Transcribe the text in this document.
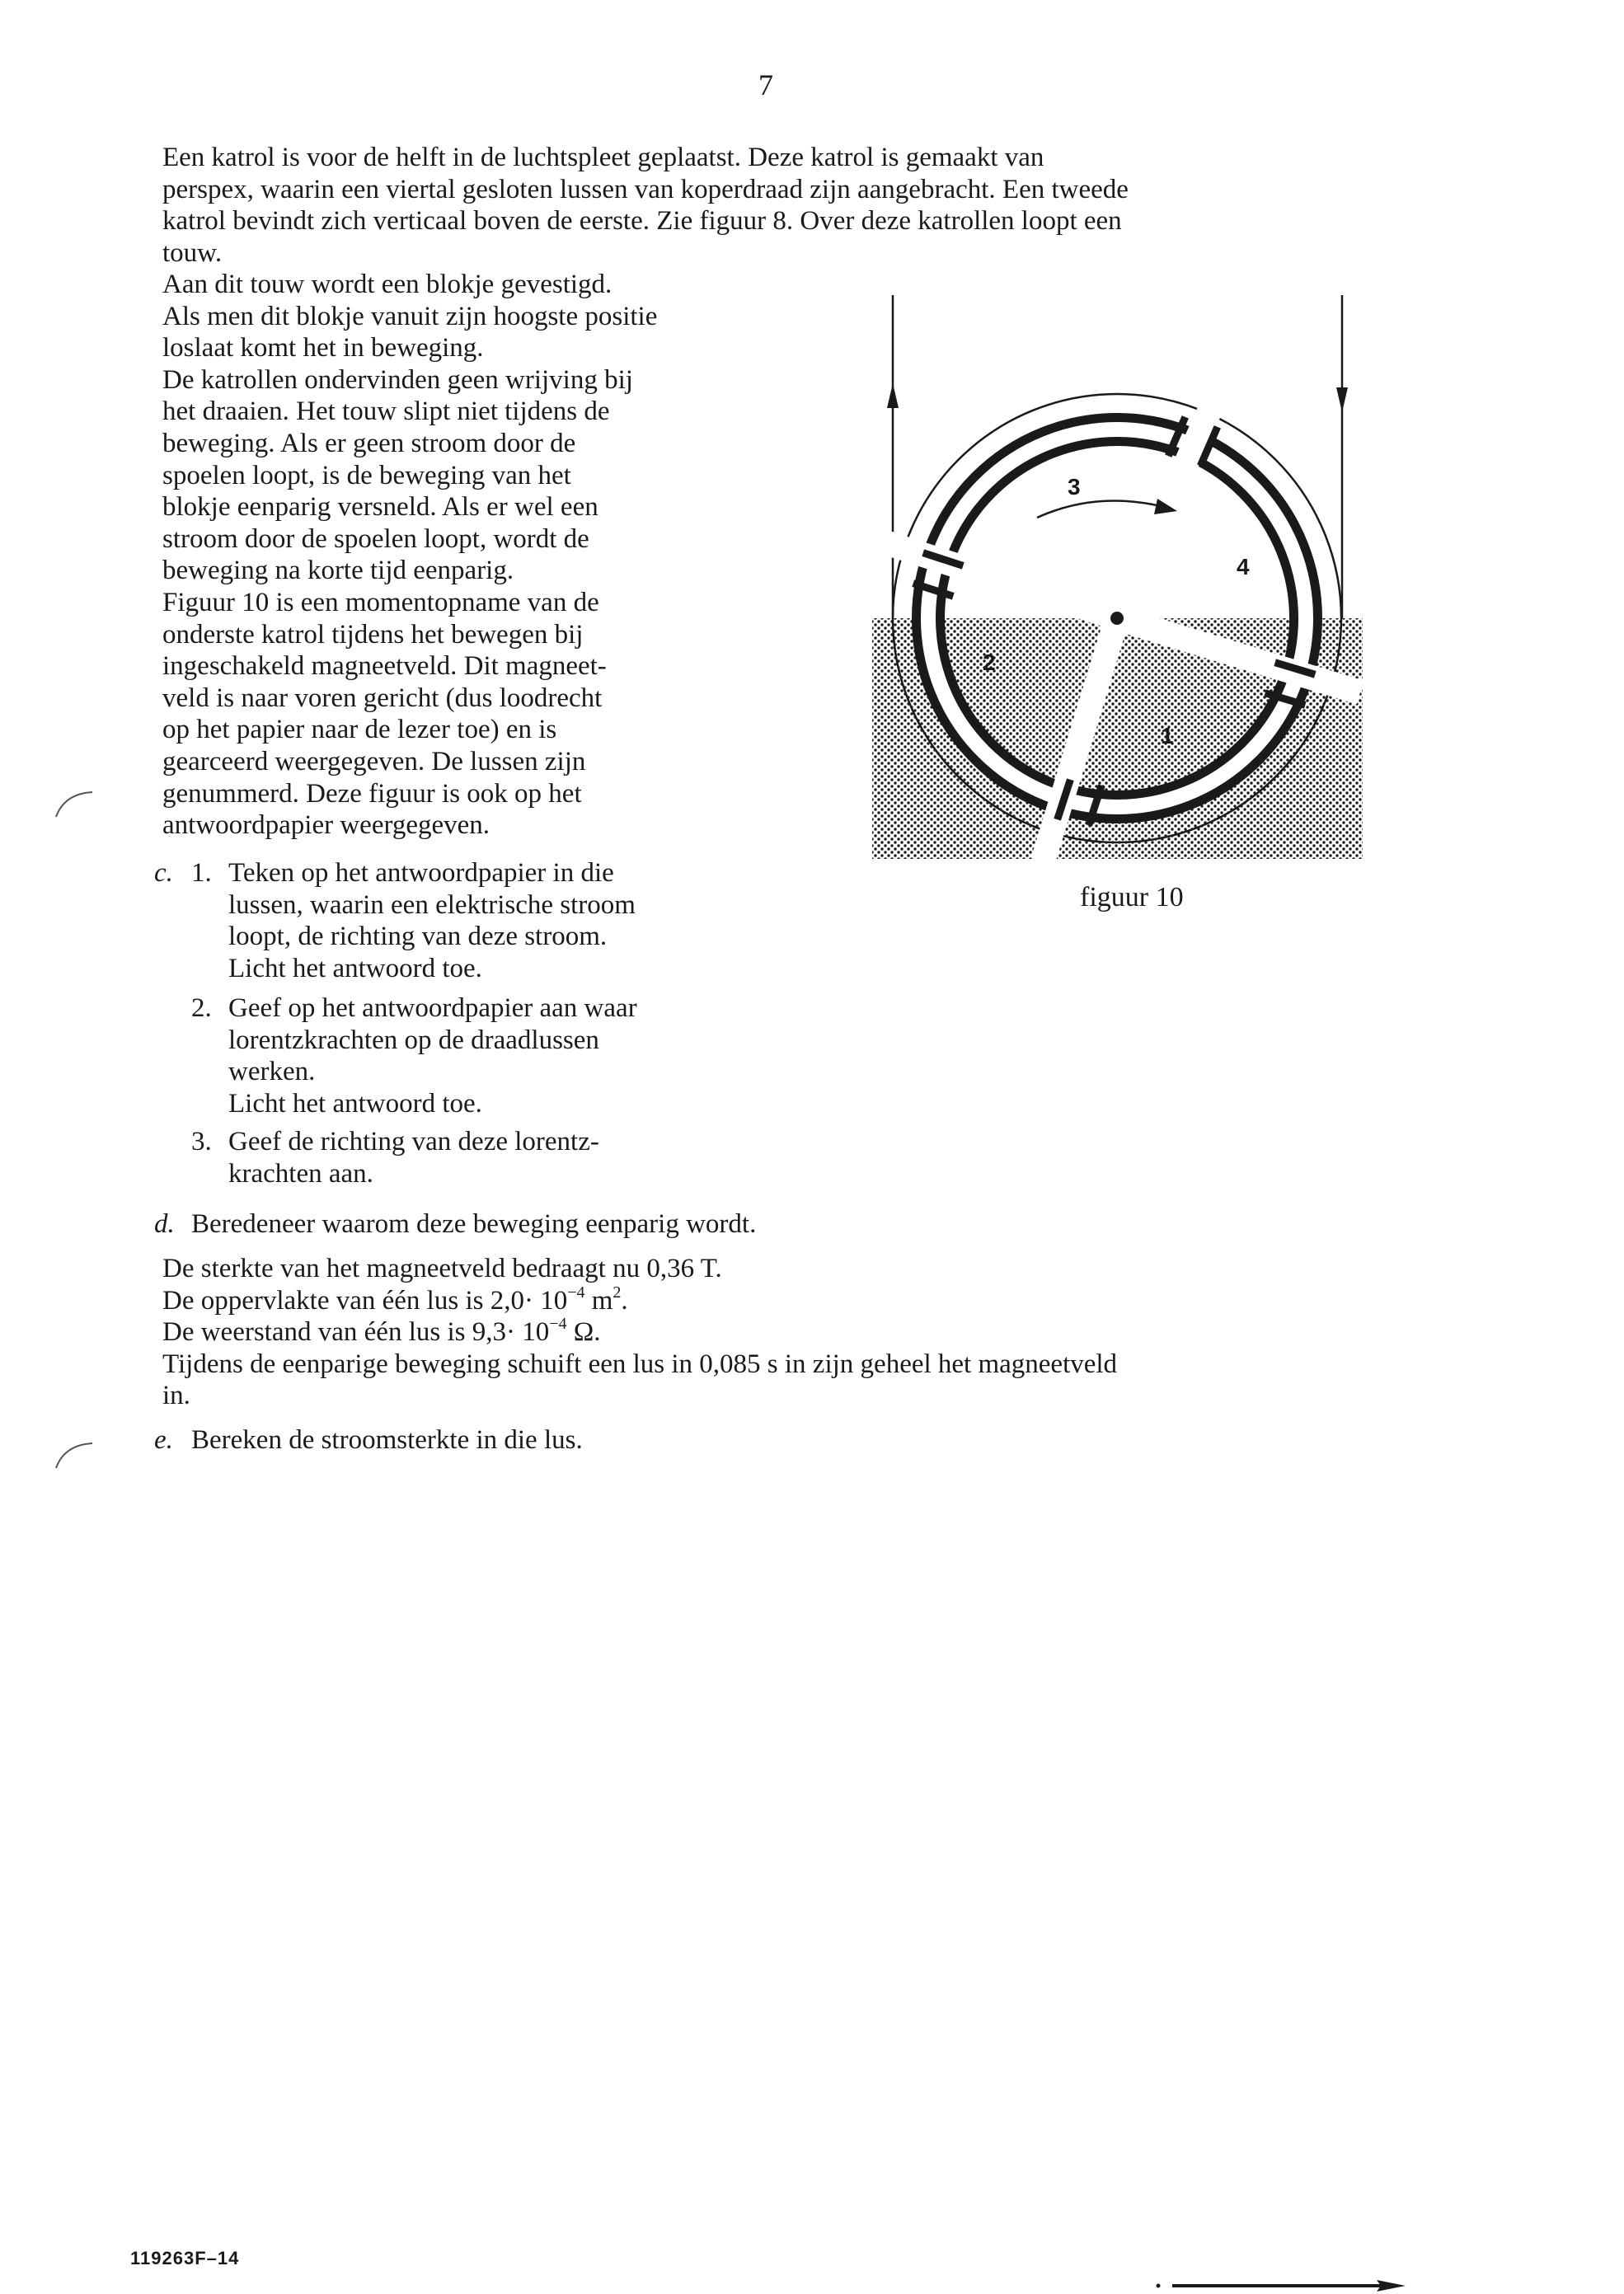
7
Een katrol is voor de helft in de luchtspleet geplaatst. Deze katrol is gemaakt van
perspex, waarin een viertal gesloten lussen van koperdraad zijn aangebracht. Een tweede
katrol bevindt zich verticaal boven de eerste. Zie figuur 8. Over deze katrollen loopt een
touw.
Aan dit touw wordt een blokje gevestigd.
Als men dit blokje vanuit zijn hoogste positie
loslaat komt het in beweging.
De katrollen ondervinden geen wrijving bij
het draaien. Het touw slipt niet tijdens de
beweging. Als er geen stroom door de
spoelen loopt, is de beweging van het
blokje eenparig versneld. Als er wel een
stroom door de spoelen loopt, wordt de
beweging na korte tijd eenparig.
Figuur 10 is een momentopname van de
onderste katrol tijdens het bewegen bij
ingeschakeld magneetveld. Dit magneet-
veld is naar voren gericht (dus loodrecht
op het papier naar de lezer toe) en is
gearceerd weergegeven. De lussen zijn
genummerd. Deze figuur is ook op het
antwoordpapier weergegeven.
c. 1. Teken op het antwoordpapier in die
lussen, waarin een elektrische stroom
loopt, de richting van deze stroom.
Licht het antwoord toe.
2. Geef op het antwoordpapier aan waar
lorentzkrachten op de draadlussen
werken.
Licht het antwoord toe.
3. Geef de richting van deze lorentz-
krachten aan.
d. Beredeneer waarom deze beweging eenparig wordt.
De sterkte van het magneetveld bedraagt nu 0,36 T.
De oppervlakte van één lus is $2,0\cdot 10^{-4}$ $m^2$.
De weerstand van één lus is $9,3\cdot 10^{-4}$ Ω.
Tijdens de eenparige beweging schuift een lus in 0,085 s in zijn geheel het magneetveld
in.
e. Bereken de stroomsterkte in die lus.
1
2
3
4
figuur 10
119263F–14
